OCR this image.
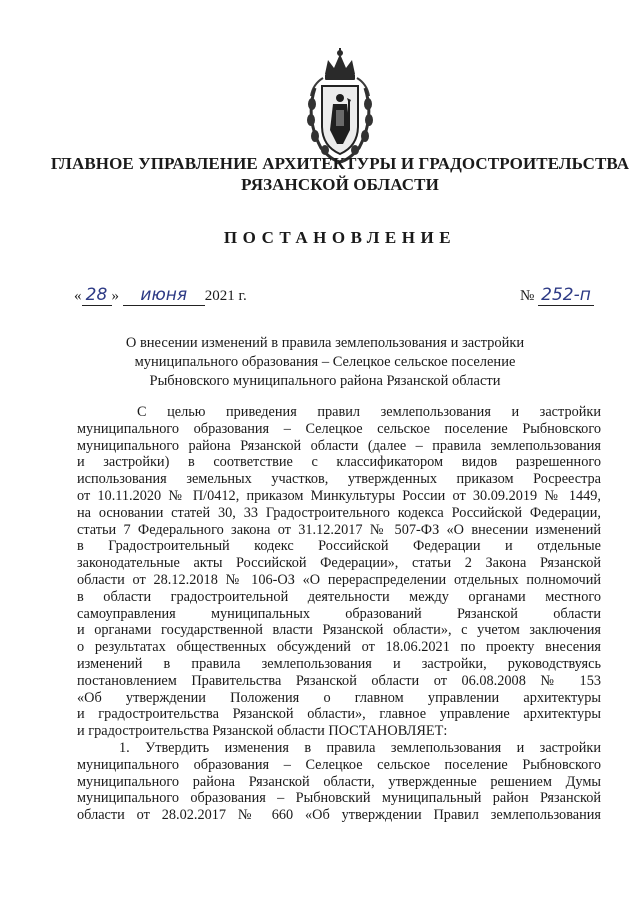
ГЛАВНОЕ УПРАВЛЕНИЕ АРХИТЕКТУРЫ И ГРАДОСТРОИТЕЛЬСТВА
РЯЗАНСКОЙ ОБЛАСТИ
ПОСТАНОВЛЕНИЕ
« 28 » июня 2021 г.	№ 252-п
О внесении изменений в правила землепользования и застройки
муниципального образования – Селецкое сельское поселение
Рыбновского муниципального района Рязанской области
С целью приведения правил землепользования и застройки
муниципального образования – Селецкое сельское поселение Рыбновского
муниципального района Рязанской области (далее – правила землепользования
и застройки) в соответствие с классификатором видов разрешенного
использования земельных участков, утвержденных приказом Росреестра
от 10.11.2020 № П/0412, приказом Минкультуры России от 30.09.2019 № 1449,
на основании статей 30, 33 Градостроительного кодекса Российской Федерации,
статьи 7 Федерального закона от 31.12.2017 № 507-ФЗ «О внесении изменений
в Градостроительный кодекс Российской Федерации и отдельные
законодательные акты Российской Федерации», статьи 2 Закона Рязанской
области от 28.12.2018 № 106-ОЗ «О перераспределении отдельных полномочий
в области градостроительной деятельности между органами местного
самоуправления муниципальных образований Рязанской области
и органами государственной власти Рязанской области», с учетом заключения
о результатах общественных обсуждений от 18.06.2021 по проекту внесения
изменений в правила землепользования и застройки, руководствуясь
постановлением Правительства Рязанской области от 06.08.2008 № 153
«Об утверждении Положения о главном управлении архитектуры
и градостроительства Рязанской области», главное управление архитектуры
и градостроительства Рязанской области ПОСТАНОВЛЯЕТ:
1. Утвердить изменения в правила землепользования и застройки
муниципального образования – Селецкое сельское поселение Рыбновского
муниципального района Рязанской области, утвержденные решением Думы
муниципального образования – Рыбновский муниципальный район Рязанской
области от 28.02.2017 № 660 «Об утверждении Правил землепользования
